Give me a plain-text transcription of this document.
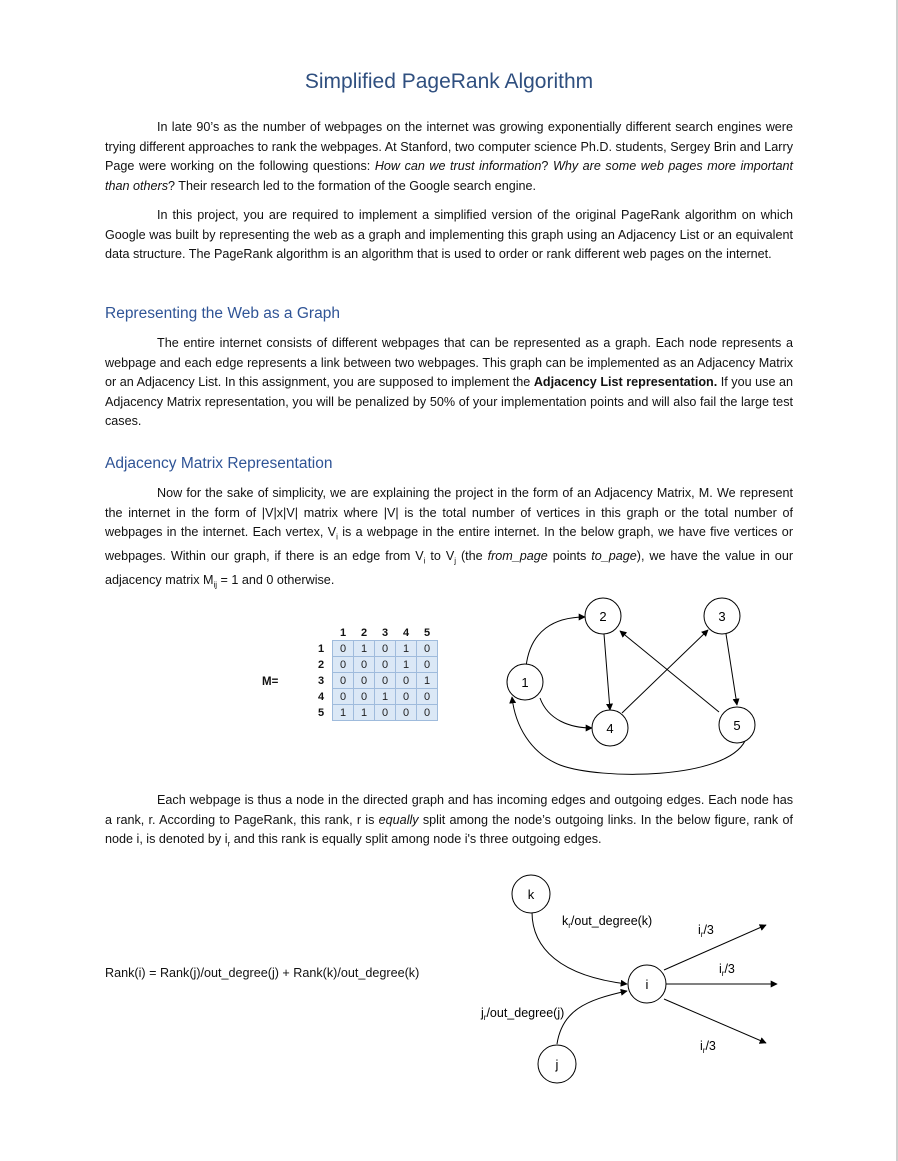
Simplified PageRank Algorithm

In late 90’s as the number of webpages on the internet was growing exponentially different search engines were trying different approaches to rank the webpages. At Stanford, two computer science Ph.D. students, Sergey Brin and Larry Page were working on the following questions: How can we trust information? Why are some web pages more important than others? Their research led to the formation of the Google search engine.

In this project, you are required to implement a simplified version of the original PageRank algorithm on which Google was built by representing the web as a graph and implementing this graph using an Adjacency List or an equivalent data structure. The PageRank algorithm is an algorithm that is used to order or rank different web pages on the internet.

Representing the Web as a Graph

The entire internet consists of different webpages that can be represented as a graph. Each node represents a webpage and each edge represents a link between two webpages. This graph can be implemented as an Adjacency Matrix or an Adjacency List. In this assignment, you are supposed to implement the Adjacency List representation. If you use an Adjacency Matrix representation, you will be penalized by 50% of your implementation points and will also fail the large test cases.

Adjacency Matrix Representation

Now for the sake of simplicity, we are explaining the project in the form of an Adjacency Matrix, M. We represent the internet in the form of |V|x|V| matrix where |V| is the total number of vertices in this graph or the total number of webpages in the internet. Each vertex, $V_i$ is a webpage in the entire internet. In the below graph, we have five vertices or webpages. Within our graph, if there is an edge from $V_i$ to $V_j$ (the from_page points to_page), we have the value in our adjacency matrix $M_{ij} = 1$ and 0 otherwise.

M=
	1	2	3	4	5
1	0	1	0	1	0
2	0	0	0	1	0
3	0	0	0	0	1
4	0	0	1	0	0
5	1	1	0	0	0
1
2	3
4	5

Each webpage is thus a node in the directed graph and has incoming edges and outgoing edges. Each node has a rank, r. According to PageRank, this rank, r is equally split among the node’s outgoing links. In the below figure, rank of node i, is denoted by $i_r$ and this rank is equally split among node i's three outgoing edges.

Rank(i) = Rank(j)/out_degree(j) + Rank(k)/out_degree(k)
k
i
j
$k_r/out\_degree(k)$
$j_r/out\_degree(j)$
$i_r/3$
$i_r/3$
$i_r/3$
